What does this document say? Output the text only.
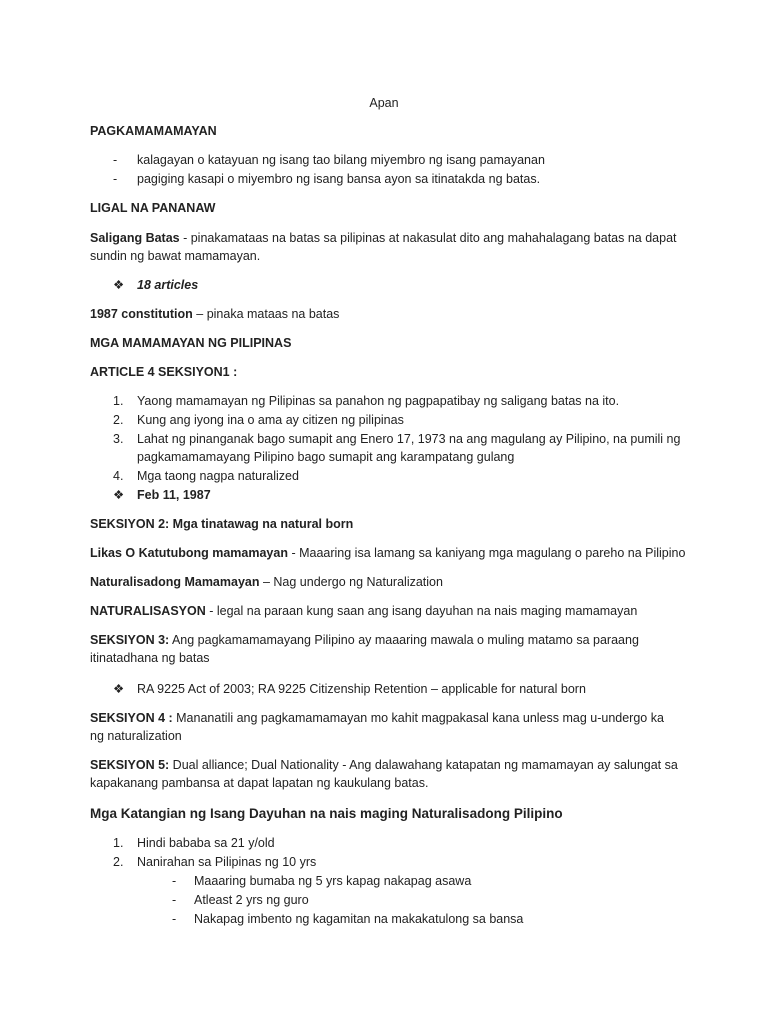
Apan
PAGKAMAMAMAYAN
- kalagayan o katayuan ng isang tao bilang miyembro ng isang pamayanan
- pagiging kasapi o miyembro ng isang bansa ayon sa itinatakda ng batas.
LIGAL NA PANANAW
Saligang Batas - pinakamataas na batas sa pilipinas at nakasulat dito ang mahahalagang batas na dapat sundin ng bawat mamamayan.
❖ 18 articles
1987 constitution – pinaka mataas na batas
MGA MAMAMAYAN NG PILIPINAS
ARTICLE 4 SEKSIYON1 :
1. Yaong mamamayan ng Pilipinas sa panahon ng pagpapatibay ng saligang batas na ito.
2. Kung ang iyong ina o ama ay citizen ng pilipinas
3. Lahat ng pinanganak bago sumapit ang Enero 17, 1973 na ang magulang ay Pilipino, na pumili ng
pagkamamamayang Pilipino bago sumapit ang karampatang gulang
4. Mga taong nagpa naturalized
❖ Feb 11, 1987
SEKSIYON 2: Mga tinatawag na natural born
Likas O Katutubong mamamayan - Maaaring isa lamang sa kaniyang mga magulang o pareho na Pilipino
Naturalisadong Mamamayan – Nag undergo ng Naturalization
NATURALISASYON - legal na paraan kung saan ang isang dayuhan na nais maging mamamayan
SEKSIYON 3: Ang pagkamamamayang Pilipino ay maaaring mawala o muling matamo sa paraang itinatadhana ng batas
❖ RA 9225 Act of 2003; RA 9225 Citizenship Retention – applicable for natural born
SEKSIYON 4 : Mananatili ang pagkamamamayan mo kahit magpakasal kana unless mag u-undergo ka ng naturalization
SEKSIYON 5: Dual alliance; Dual Nationality - Ang dalawahang katapatan ng mamamayan ay salungat sa kapakanang pambansa at dapat lapatan ng kaukulang batas.
Mga Katangian ng Isang Dayuhan na nais maging Naturalisadong Pilipino
1. Hindi bababa sa 21 y/old
2. Nanirahan sa Pilipinas ng 10 yrs
- Maaaring bumaba ng 5 yrs kapag nakapag asawa
- Atleast 2 yrs ng guro
- Nakapag imbento ng kagamitan na makakatulong sa bansa
